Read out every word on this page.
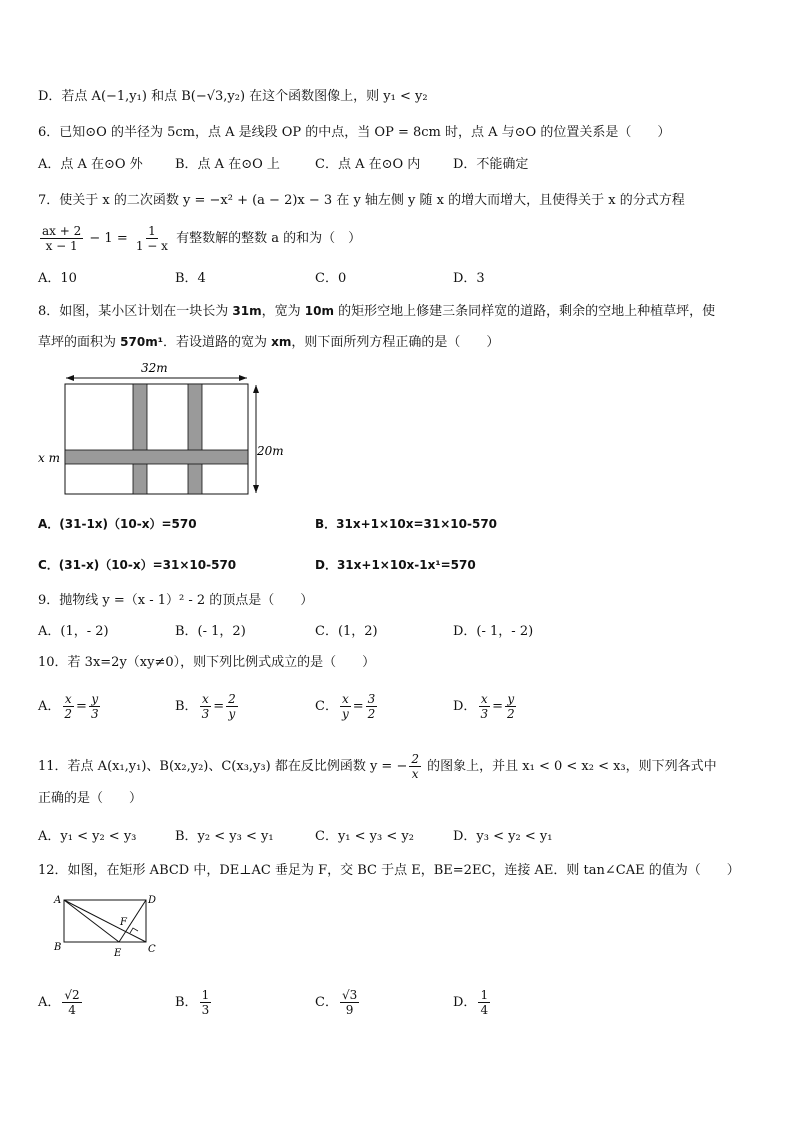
D．若点 A(−1,y₁) 和点 B(−√3,y₂) 在这个函数图像上，则 y₁ < y₂
6．已知⊙O 的半径为 5cm，点 A 是线段 OP 的中点，当 OP = 8cm 时，点 A 与⊙O 的位置关系是（　　）
A．点 A 在⊙O 外 B．点 A 在⊙O 上	C．点 A 在⊙O 内	D．不能确定
7．使关于 x 的二次函数 y = −x² + (a − 2)x − 3 在 y 轴左侧 y 随 x 的增大而增大，且使得关于 x 的分式方程
$\frac{ax + 2}{x - 1} - 1 = \frac{1}{1 - x}$ 有整数解的整数 a 的和为（　）
A．10	B．4	C．0	D．3
8．如图，某小区计划在一块长为 31m，宽为 10m 的矩形空地上修建三条同样宽的道路，剩余的空地上种植草坪，使
草坪的面积为 570m¹．若设道路的宽为 xm，则下面所列方程正确的是（　　）
32m
20m
x m
A．(31-1x)（10-x）=570	B．31x+1×10x=31×10-570
C．(31-x)（10-x）=31×10-570	D．31x+1×10x-1x¹=570
9．抛物线 y =（x - 1）² - 2 的顶点是（　　）
A．(1，- 2)	B．(- 1，2)	C．(1，2)	D．(- 1，- 2)
10．若 3x=2y（xy≠0），则下列比例式成立的是（　　）
A． $\frac{x}{2} = \frac{y}{3}$	B． $\frac{x}{3} = \frac{2}{y}$	C． $\frac{x}{y} = \frac{3}{2}$	D． $\frac{x}{3} = \frac{y}{2}$
11．若点 A(x₁,y₁)、B(x₂,y₂)、C(x₃,y₃) 都在反比例函数 y = − $\frac{2}{x}$ 的图象上，并且 x₁ < 0 < x₂ < x₃，则下列各式中
正确的是（　　）
A．y₁ < y₂ < y₃	B．y₂ < y₃ < y₁	C．y₁ < y₃ < y₂	D．y₃ < y₂ < y₁
12．如图，在矩形 ABCD 中，DE⊥AC 垂足为 F，交 BC 于点 E，BE=2EC，连接 AE．则 tan∠CAE 的值为（　　）
A	D
B	C
E
F
A． $\frac{√2}{4}$	B． $\frac{1}{3}$	C． $\frac{√3}{9}$	D． $\frac{1}{4}$
